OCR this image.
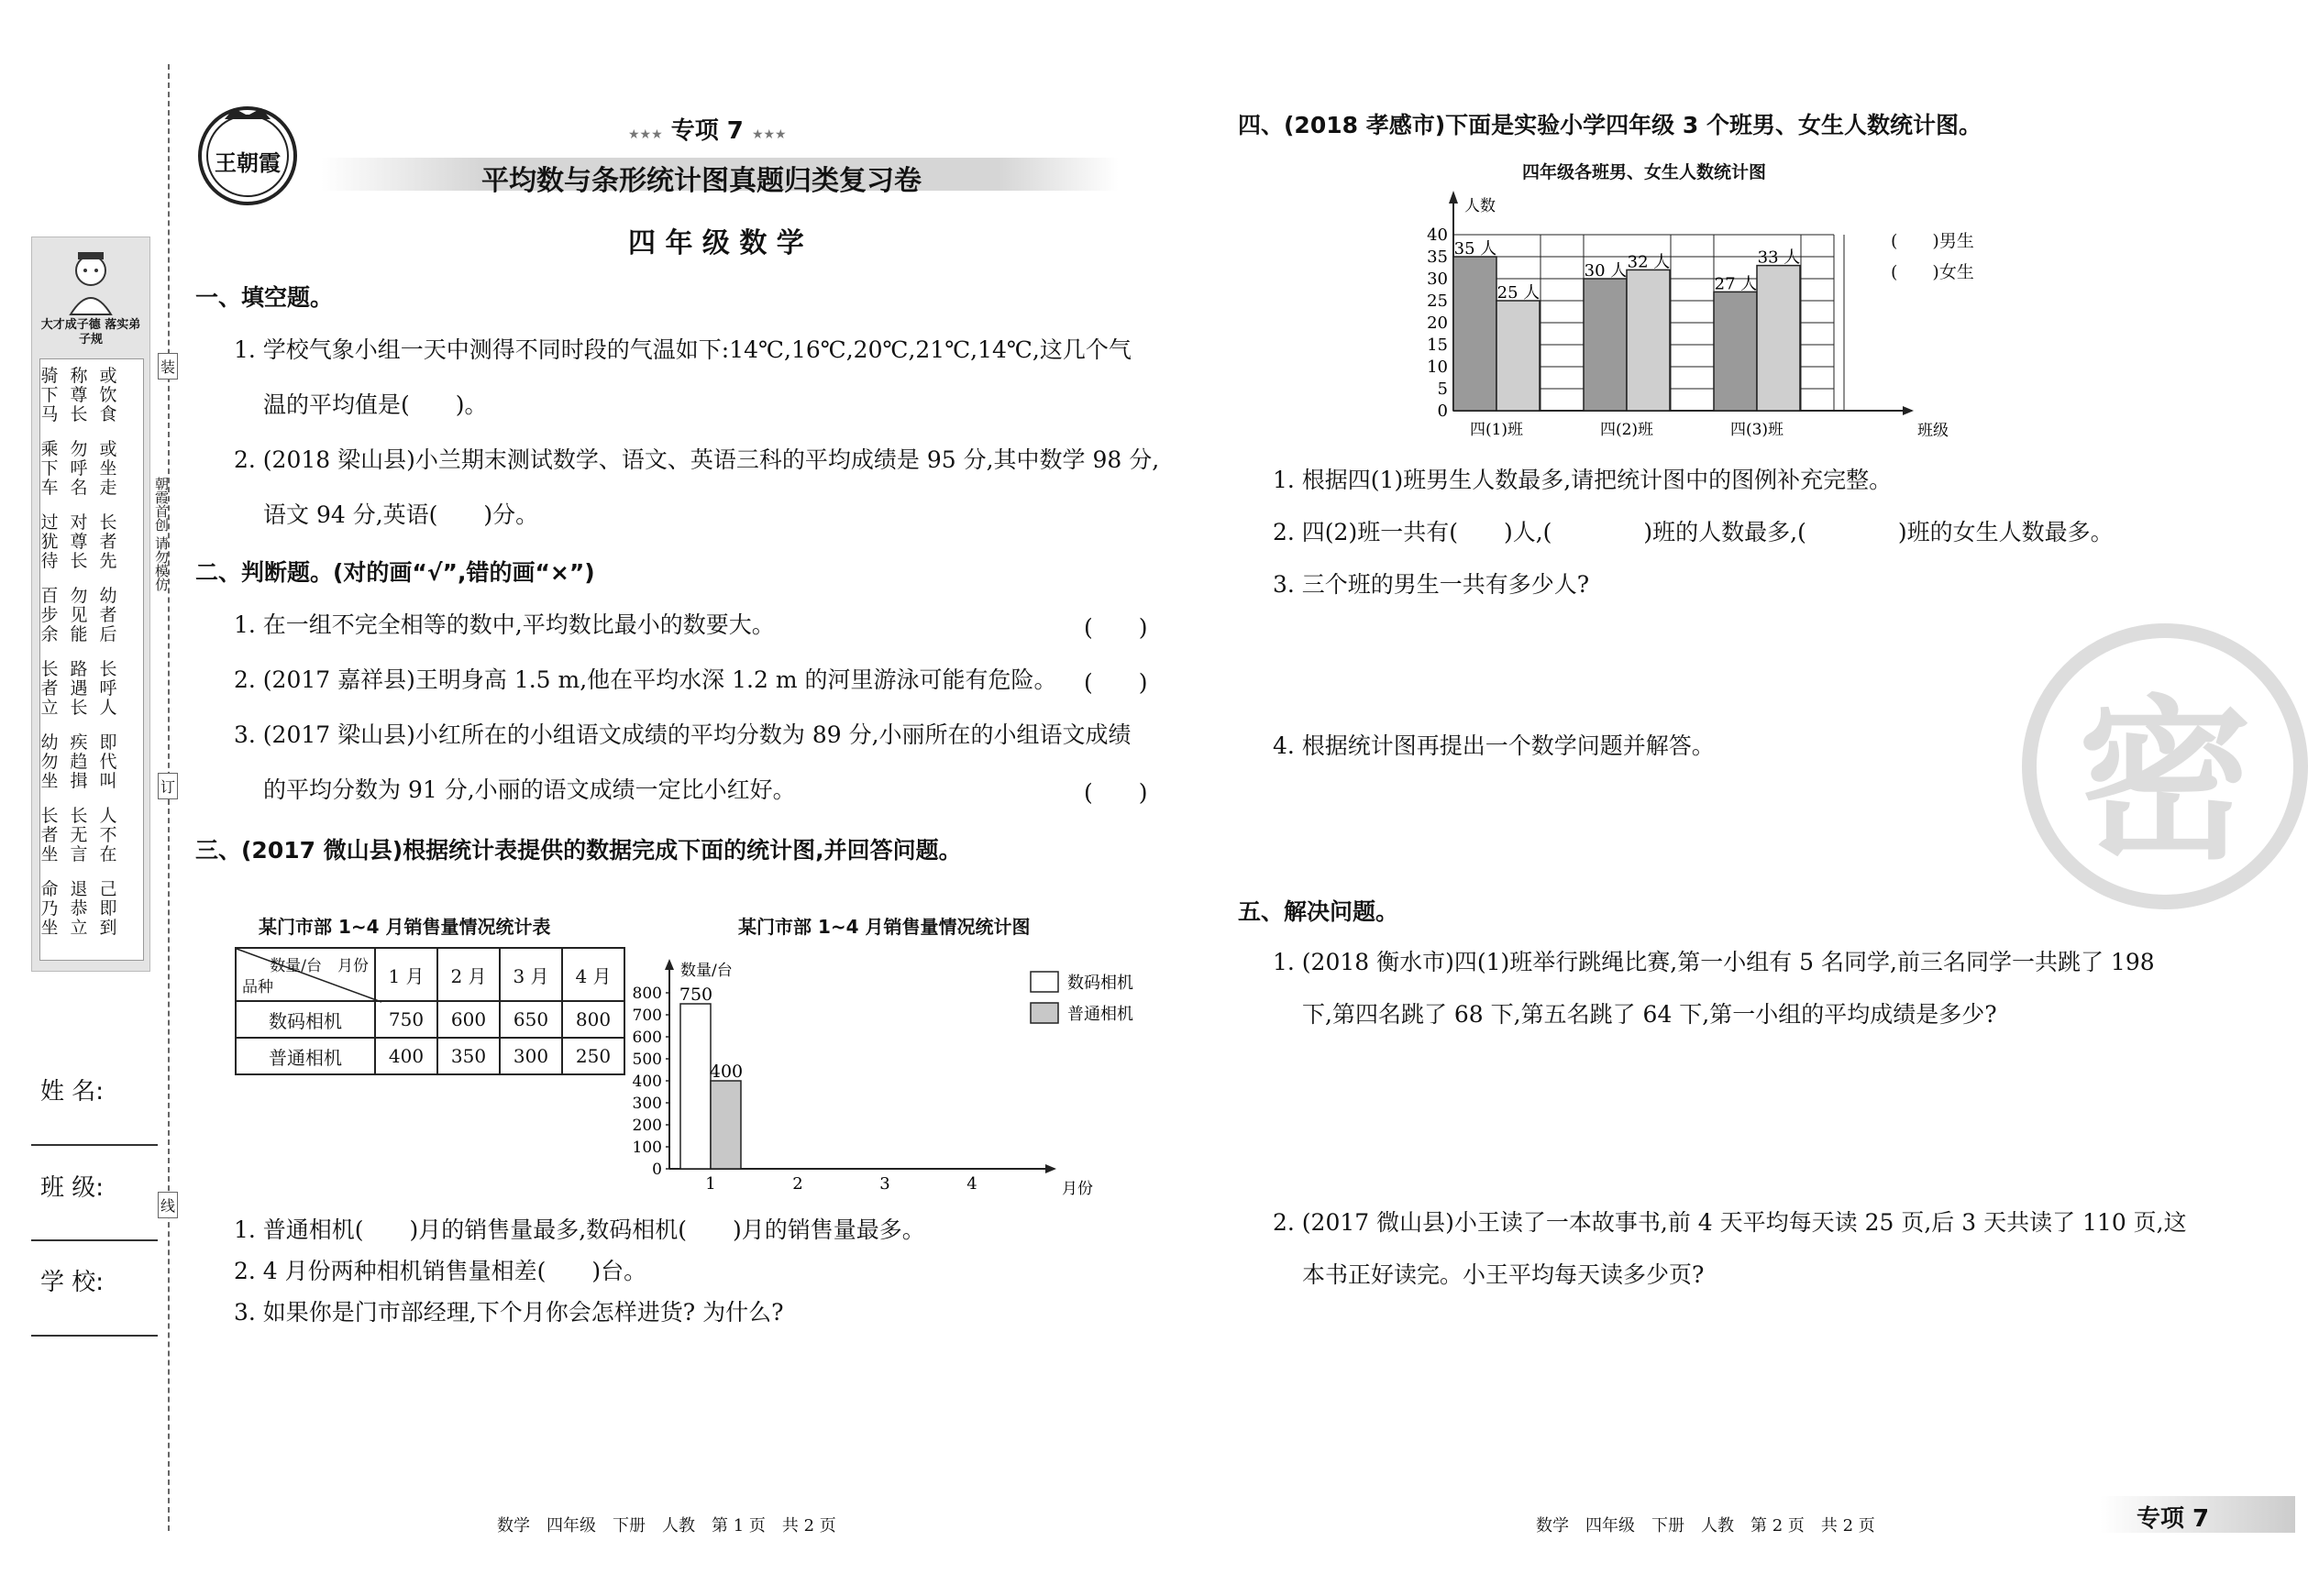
装
订
线
朝霞首创 请勿模仿
大才成子德 落实弟子规
或饮食
称尊长
骑下马
或坐走
勿呼名
乘下车
长者先
对尊长
过犹待
幼者后
勿见能
百步余
长呼人
路遇长
长者立
即代叫
疾趋揖
幼勿坐
人不在
长无言
长者坐
己即到
退恭立
命乃坐
姓 名:
班 级:
学 校:
王朝霞
★★★ 专项 7 ★★★
平均数与条形统计图真题归类复习卷
四 年 级 数 学
一、填空题。
1. 学校气象小组一天中测得不同时段的气温如下:14℃,16℃,20℃,21℃,14℃,这几个气
温的平均值是(　　)。
2. (2018 梁山县)小兰期末测试数学、语文、英语三科的平均成绩是 95 分,其中数学 98 分,
语文 94 分,英语(　　)分。
二、判断题。(对的画“√”,错的画“×”)
1. 在一组不完全相等的数中,平均数比最小的数要大。	(　　)
2. (2017 嘉祥县)王明身高 1.5 m,他在平均水深 1.2 m 的河里游泳可能有危险。 (　　)
3. (2017 梁山县)小红所在的小组语文成绩的平均分数为 89 分,小丽所在的小组语文成绩
的平均分数为 91 分,小丽的语文成绩一定比小红好。	(　　)
三、(2017 微山县)根据统计表提供的数据完成下面的统计图,并回答问题。
某门市部 1~4 月销售量情况统计表
数量/台　月份
品种	1 月	2 月	3 月	4 月
数码相机	750	600	650	800
普通相机	400	350	300	250
某门市部 1~4 月销售量情况统计图
数量/台
月份
0
100
200
300
400
500
600
700
800
1	2	3	4
750
400
数码相机
普通相机
1. 普通相机(　　)月的销售量最多,数码相机(　　)月的销售量最多。
2. 4 月份两种相机销售量相差(　　)台。
3. 如果你是门市部经理,下个月你会怎样进货? 为什么?
四、(2018 孝感市)下面是实验小学四年级 3 个班男、女生人数统计图。
四年级各班男、女生人数统计图
人数
班级
0
5
10
15
20
25
30
35
40
四(1)班	四(2)班	四(3)班
35 人
30 人
27 人
25 人
32 人	33 人
(　　)男生
(　　)女生
1. 根据四(1)班男生人数最多,请把统计图中的图例补充完整。
2. 四(2)班一共有(　　)人,(　　　　)班的人数最多,(　　　　)班的女生人数最多。
3. 三个班的男生一共有多少人?
4. 根据统计图再提出一个数学问题并解答。
五、解决问题。
1. (2018 衡水市)四(1)班举行跳绳比赛,第一小组有 5 名同学,前三名同学一共跳了 198
下,第四名跳了 68 下,第五名跳了 64 下,第一小组的平均成绩是多少?
2. (2017 微山县)小王读了一本故事书,前 4 天平均每天读 25 页,后 3 天共读了 110 页,这
本书正好读完。小王平均每天读多少页?
密
数学　四年级　下册　人教　第 1 页　共 2 页	数学　四年级　下册　人教　第 2 页　共 2 页	专项 7
